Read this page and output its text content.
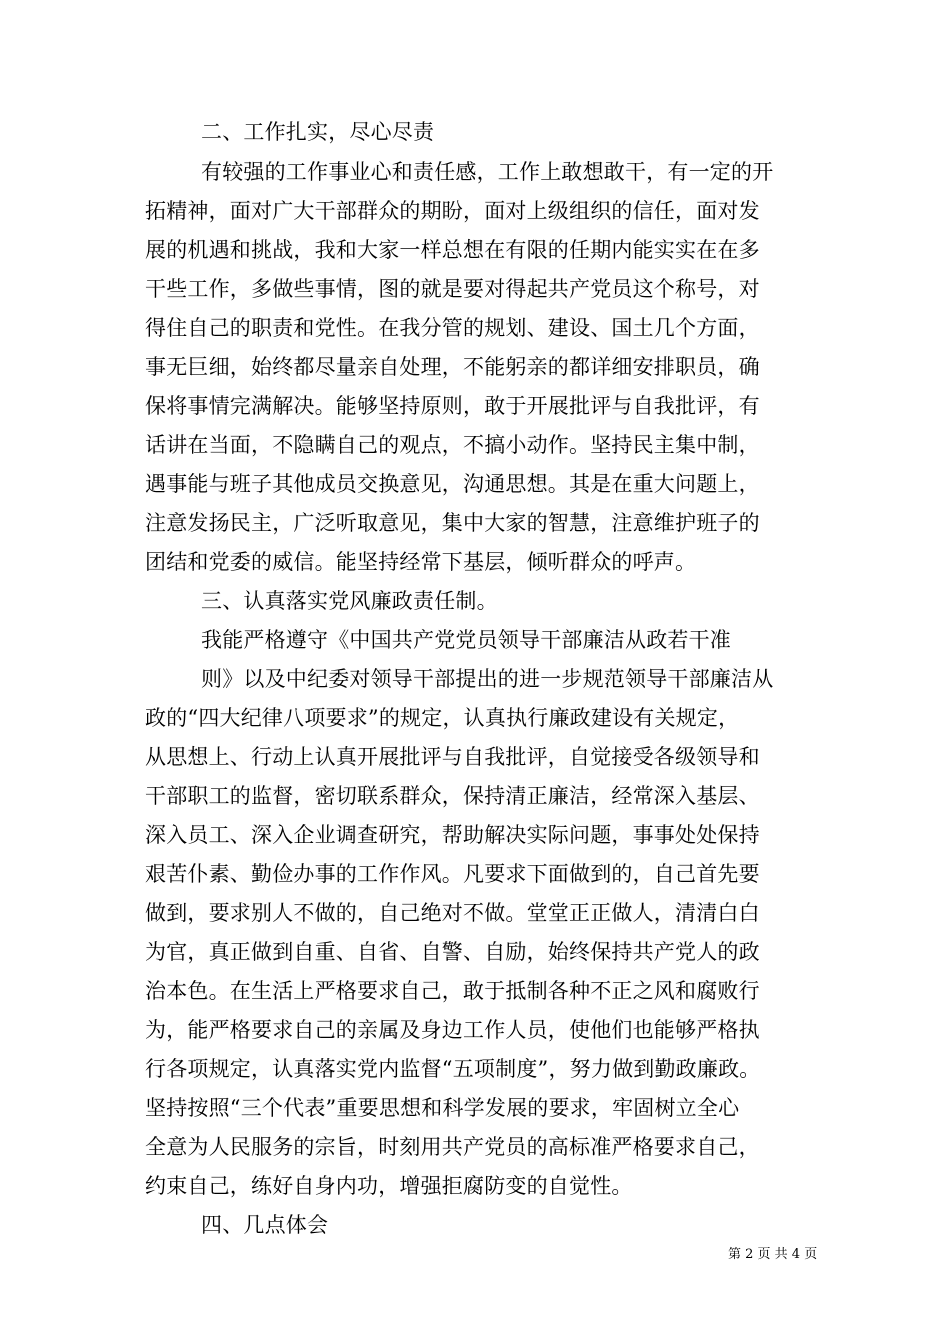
二、工作扎实，尽心尽责
有较强的工作事业心和责任感，工作上敢想敢干，有一定的开
拓精神，面对广大干部群众的期盼，面对上级组织的信任，面对发
展的机遇和挑战，我和大家一样总想在有限的任期内能实实在在多
干些工作，多做些事情，图的就是要对得起共产党员这个称号，对
得住自己的职责和党性。在我分管的规划、建设、国土几个方面，
事无巨细，始终都尽量亲自处理，不能躬亲的都详细安排职员，确
保将事情完满解决。能够坚持原则，敢于开展批评与自我批评，有
话讲在当面，不隐瞒自己的观点，不搞小动作。坚持民主集中制，
遇事能与班子其他成员交换意见，沟通思想。其是在重大问题上，
注意发扬民主，广泛听取意见，集中大家的智慧，注意维护班子的
团结和党委的威信。能坚持经常下基层，倾听群众的呼声。
三、认真落实党风廉政责任制。
我能严格遵守《中国共产党党员领导干部廉洁从政若干准
则》以及中纪委对领导干部提出的进一步规范领导干部廉洁从
政的“四大纪律八项要求”的规定，认真执行廉政建设有关规定，
从思想上、行动上认真开展批评与自我批评，自觉接受各级领导和
干部职工的监督，密切联系群众，保持清正廉洁，经常深入基层、
深入员工、深入企业调查研究，帮助解决实际问题，事事处处保持
艰苦仆素、勤俭办事的工作作风。凡要求下面做到的，自己首先要
做到，要求别人不做的，自己绝对不做。堂堂正正做人，清清白白
为官，真正做到自重、自省、自警、自励，始终保持共产党人的政
治本色。在生活上严格要求自己，敢于抵制各种不正之风和腐败行
为，能严格要求自己的亲属及身边工作人员，使他们也能够严格执
行各项规定，认真落实党内监督“五项制度”，努力做到勤政廉政。
坚持按照“三个代表”重要思想和科学发展的要求，牢固树立全心
全意为人民服务的宗旨，时刻用共产党员的高标准严格要求自己，
约束自己，练好自身内功，增强拒腐防变的自觉性。
四、几点体会
第 2 页 共 4 页
